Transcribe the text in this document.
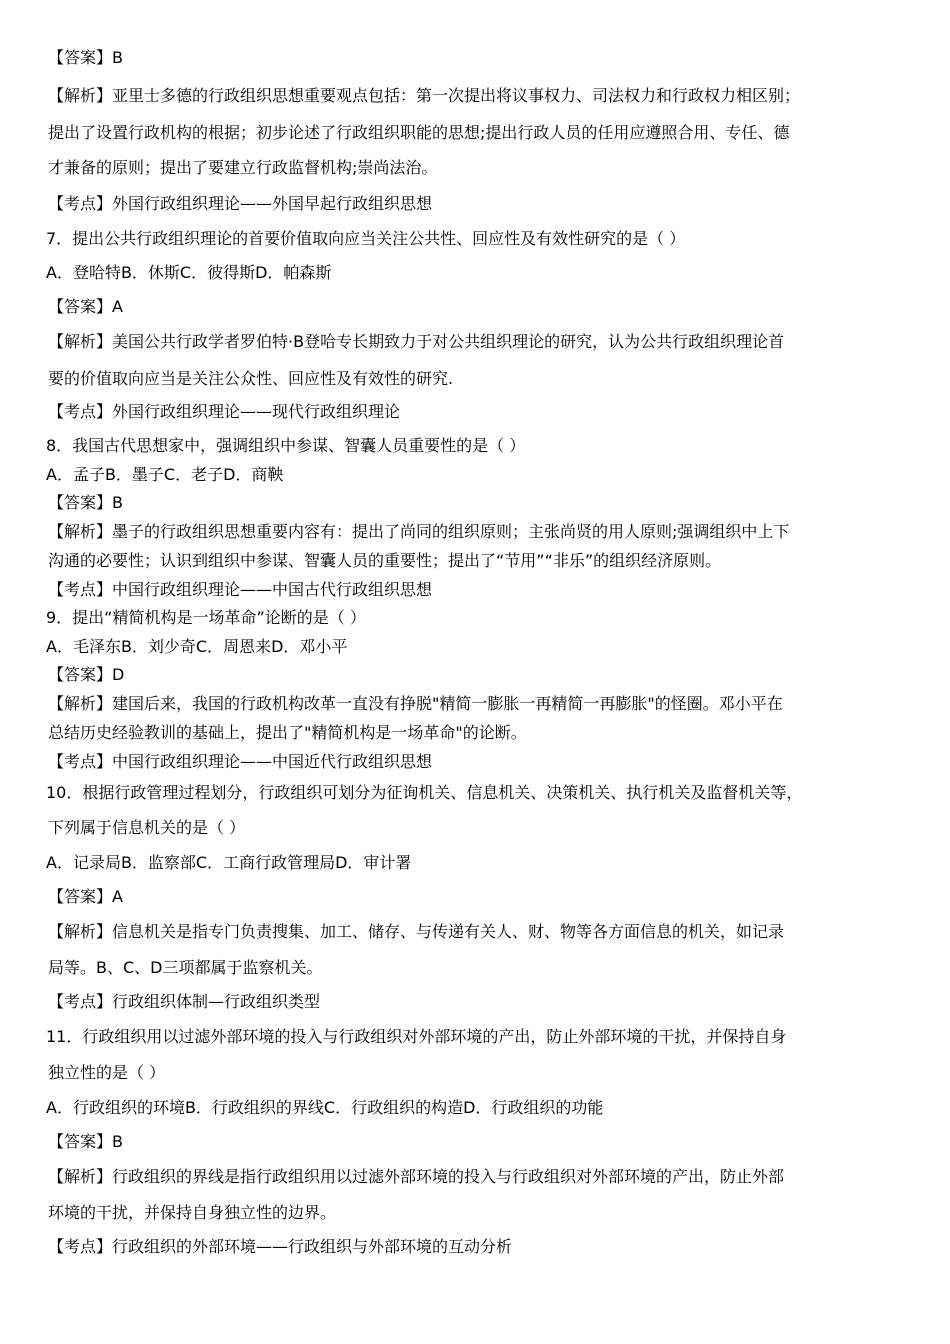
【答案】B
【解析】亚里士多德的行政组织思想重要观点包括：第一次提出将议事权力、司法权力和行政权力相区别；
提出了设置行政机构的根据；初步论述了行政组织职能的思想;提出行政人员的任用应遵照合用、专任、德
才兼备的原则；提出了要建立行政监督机构;崇尚法治。
【考点】外国行政组织理论——外国早起行政组织思想
7．提出公共行政组织理论的首要价值取向应当关注公共性、回应性及有效性研究的是（ ）
A．登哈特B．休斯C．彼得斯D．帕森斯
【答案】A
【解析】美国公共行政学者罗伯特·B登哈专长期致力于对公共组织理论的研究，认为公共行政组织理论首
要的价值取向应当是关注公众性、回应性及有效性的研究.
【考点】外国行政组织理论——现代行政组织理论
8．我国古代思想家中，强调组织中参谋、智囊人员重要性的是（ ）
A．孟子B．墨子C．老子D．商鞅
【答案】B
【解析】墨子的行政组织思想重要内容有：提出了尚同的组织原则；主张尚贤的用人原则;强调组织中上下
沟通的必要性；认识到组织中参谋、智囊人员的重要性；提出了“节用”“非乐”的组织经济原则。
【考点】中国行政组织理论——中国古代行政组织思想
9．提出“精简机构是一场革命”论断的是（ ）
A．毛泽东B．刘少奇C．周恩来D．邓小平
【答案】D
【解析】建国后来，我国的行政机构改革一直没有挣脱"精简一膨胀一再精简一再膨胀"的怪圈。邓小平在
总结历史经验教训的基础上，提出了"精简机构是一场革命"的论断。
【考点】中国行政组织理论——中国近代行政组织思想
10．根据行政管理过程划分，行政组织可划分为征询机关、信息机关、决策机关、执行机关及监督机关等，
下列属于信息机关的是（ ）
A．记录局B．监察部C．工商行政管理局D．审计署
【答案】A
【解析】信息机关是指专门负责搜集、加工、储存、与传递有关人、财、物等各方面信息的机关，如记录
局等。B、C、D三项都属于监察机关。
【考点】行政组织体制—行政组织类型
11．行政组织用以过滤外部环境的投入与行政组织对外部环境的产出，防止外部环境的干扰，并保持自身
独立性的是（ ）
A．行政组织的环境B．行政组织的界线C．行政组织的构造D．行政组织的功能
【答案】B
【解析】行政组织的界线是指行政组织用以过滤外部环境的投入与行政组织对外部环境的产出，防止外部
环境的干扰，并保持自身独立性的边界。
【考点】行政组织的外部环境——行政组织与外部环境的互动分析
